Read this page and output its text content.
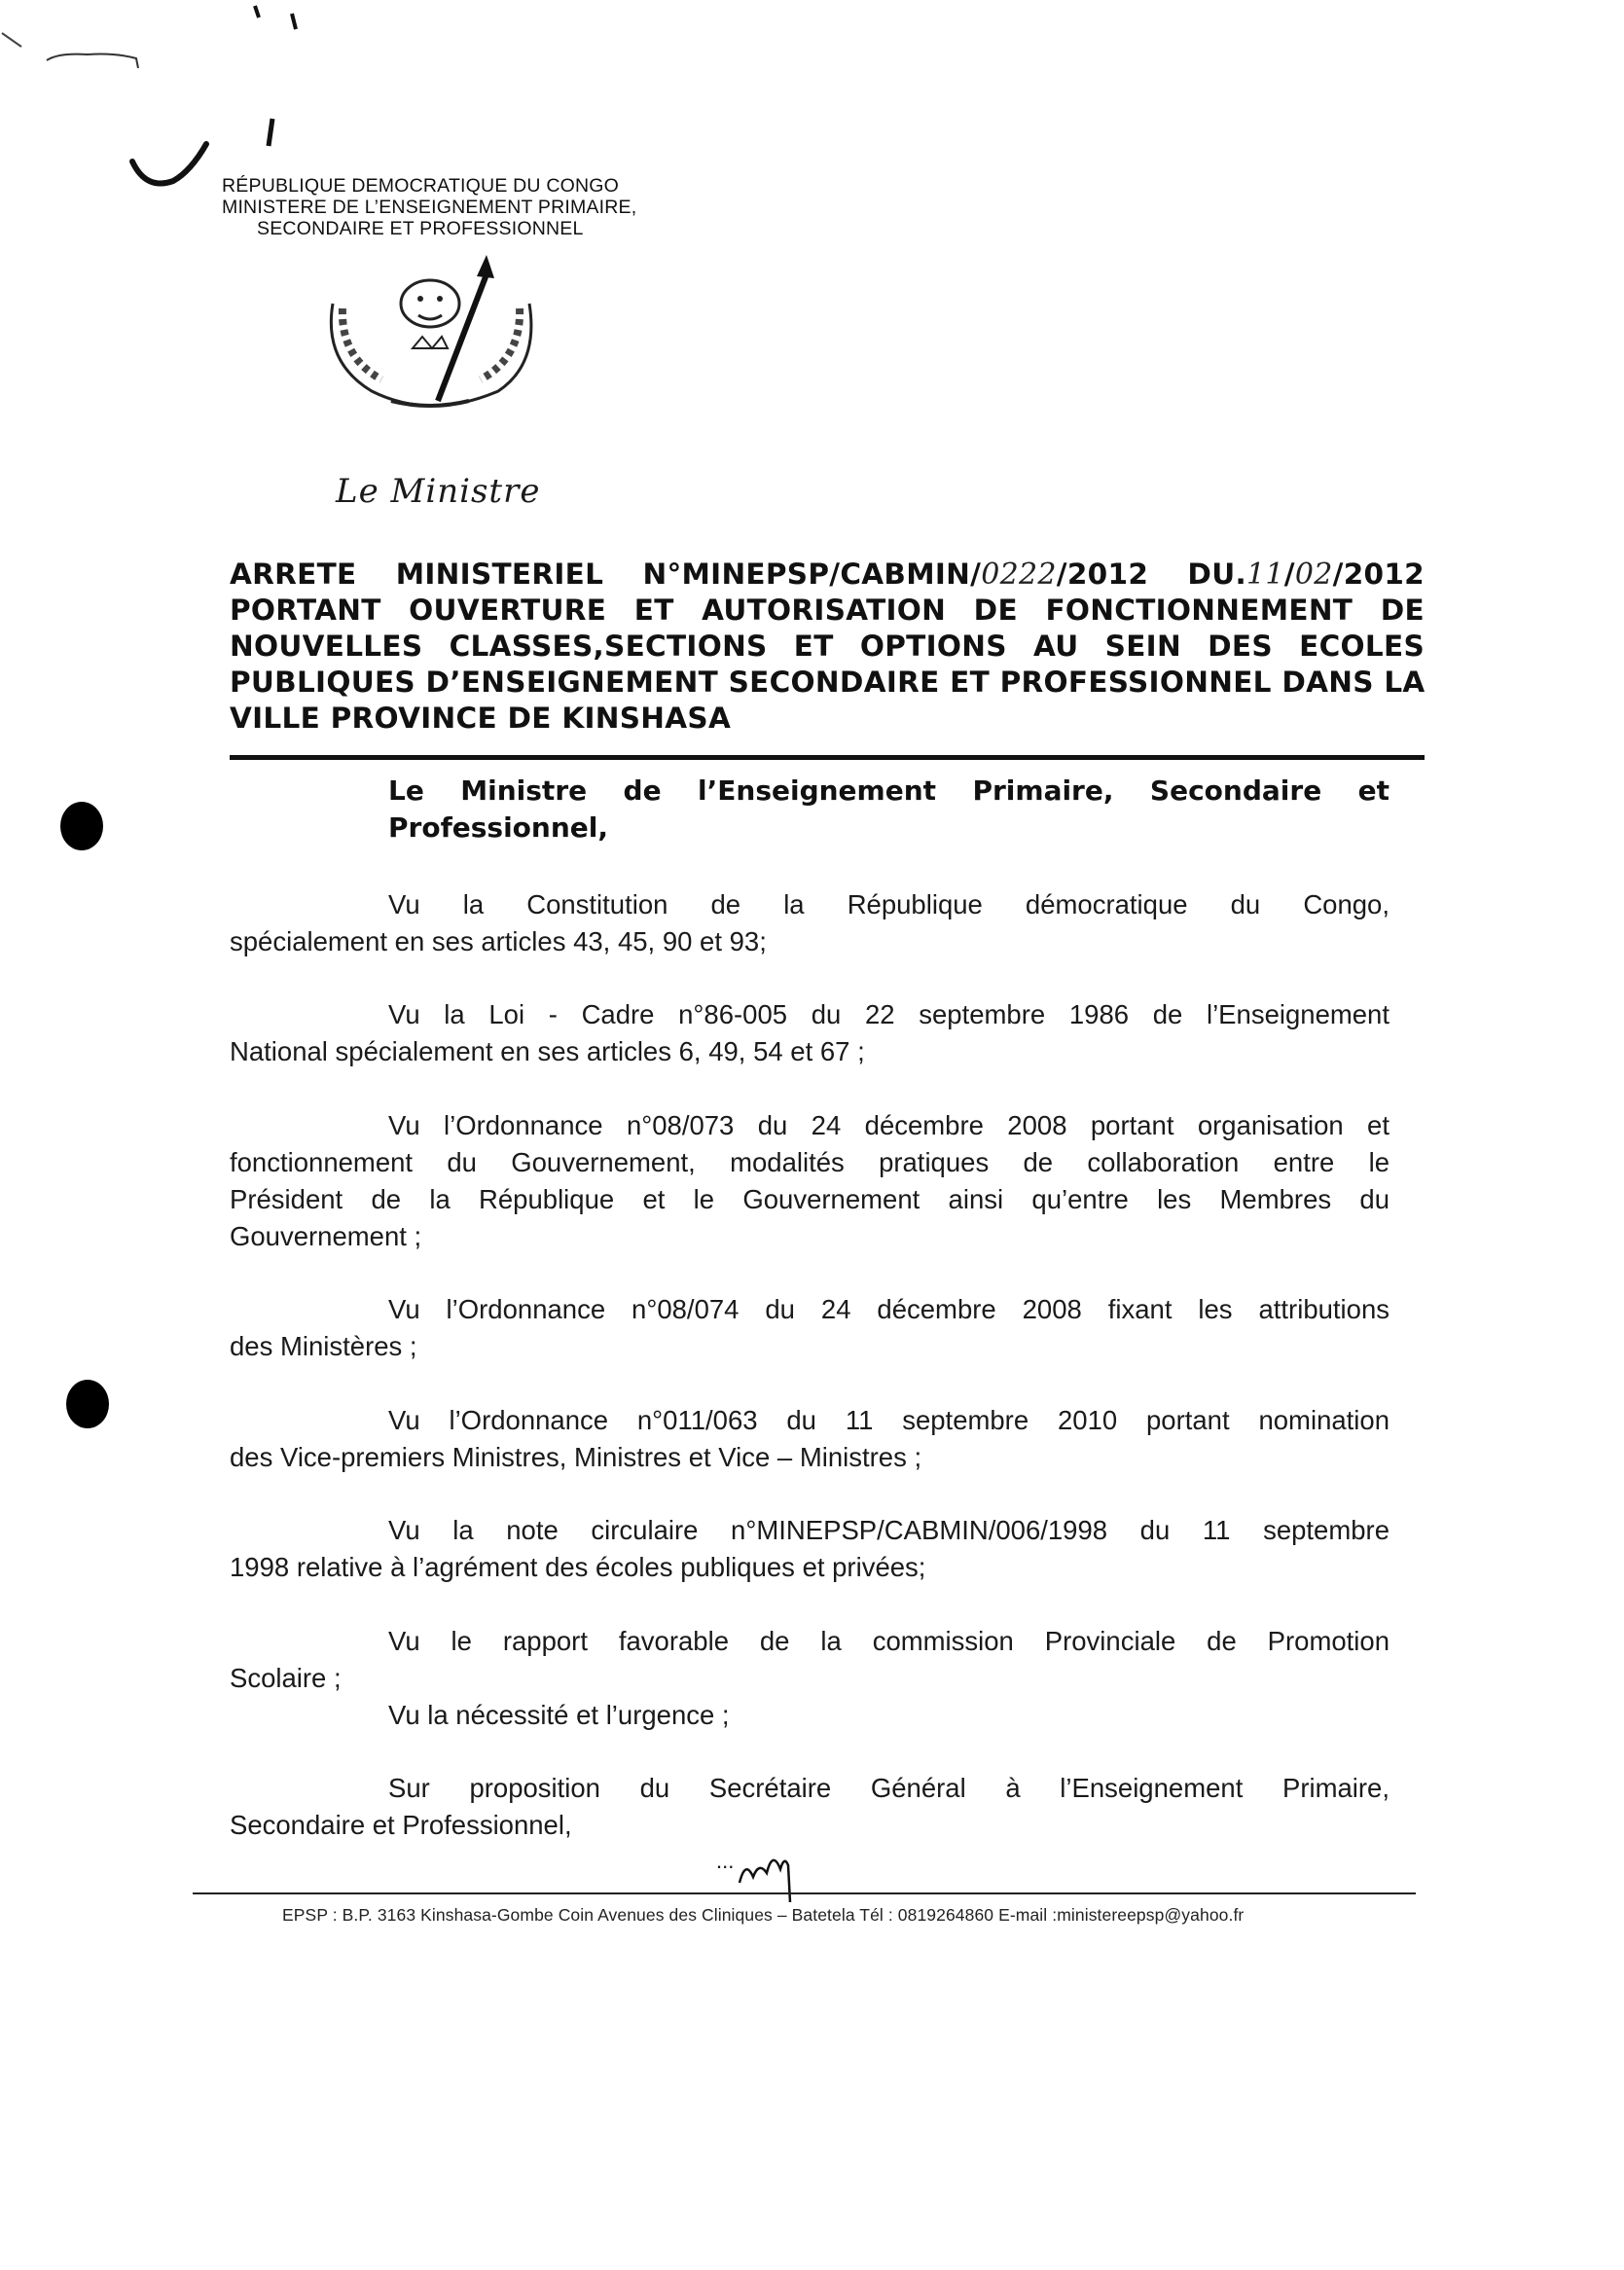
RÉPUBLIQUE DEMOCRATIQUE DU CONGO
MINISTERE DE L’ENSEIGNEMENT PRIMAIRE,
SECONDAIRE ET PROFESSIONNEL
Le Ministre
ARRETE MINISTERIEL N°MINEPSP/CABMIN/0222/2012 DU.11/02/2012
PORTANT OUVERTURE ET AUTORISATION DE FONCTIONNEMENT DE
NOUVELLES CLASSES,SECTIONS ET OPTIONS AU SEIN DES ECOLES
PUBLIQUES D’ENSEIGNEMENT SECONDAIRE ET PROFESSIONNEL DANS LA
VILLE PROVINCE DE KINSHASA
Le Ministre de l’Enseignement Primaire, Secondaire et
Professionnel,
Vu la Constitution de la République démocratique du Congo,
spécialement en ses articles 43, 45, 90 et 93;
Vu la Loi - Cadre n°86-005 du 22 septembre 1986 de l’Enseignement
National spécialement en ses articles 6, 49, 54 et 67 ;
Vu l’Ordonnance n°08/073 du 24 décembre 2008 portant organisation et
fonctionnement du Gouvernement, modalités pratiques de collaboration entre le
Président de la République et le Gouvernement ainsi qu’entre les Membres du
Gouvernement ;
Vu l’Ordonnance n°08/074 du 24 décembre 2008 fixant les attributions
des Ministères ;
Vu l’Ordonnance n°011/063 du 11 septembre 2010 portant nomination
des Vice-premiers Ministres, Ministres et Vice – Ministres ;
Vu la note circulaire n°MINEPSP/CABMIN/006/1998 du 11 septembre
1998 relative à l’agrément des écoles publiques et privées;
Vu le rapport favorable de la commission Provinciale de Promotion
Scolaire ;
Vu la nécessité et l’urgence ;
Sur proposition du Secrétaire Général à l’Enseignement Primaire,
Secondaire et Professionnel,
...
EPSP : B.P. 3163 Kinshasa-Gombe Coin Avenues des Cliniques – Batetela Tél : 0819264860 E-mail :ministereepsp@yahoo.fr
